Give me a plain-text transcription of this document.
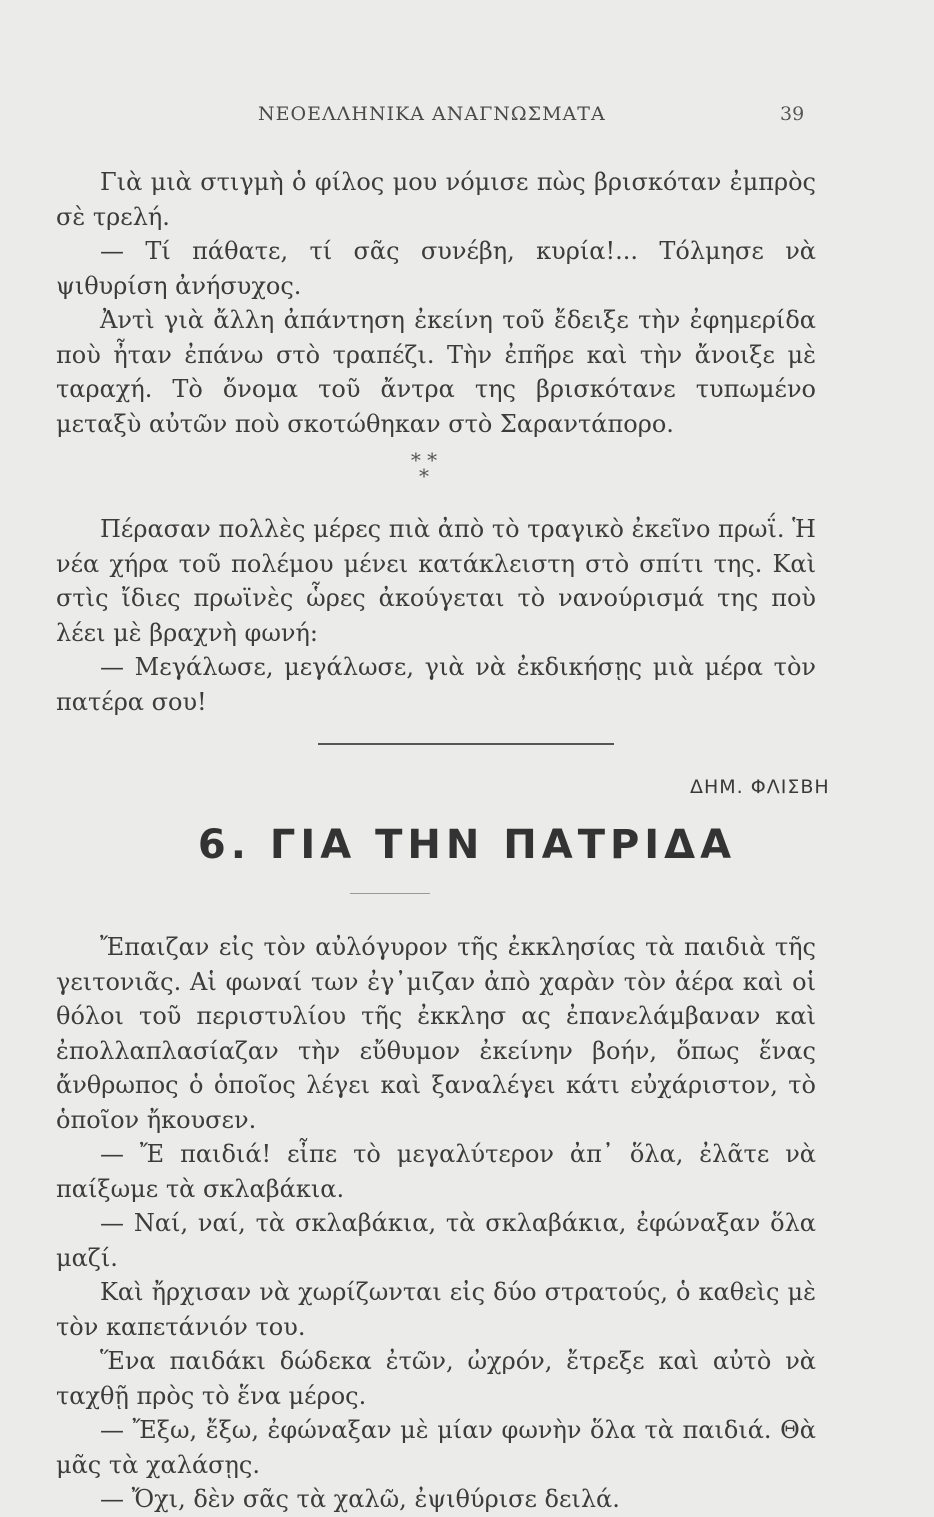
ΝΕΟΕΛΛΗΝΙΚΑ ΑΝΑΓΝΩΣΜΑΤΑ	39

Γιὰ μιὰ στιγμὴ ὁ φίλος μου νόμισε πὼς βρισκόταν ἐμπρὸς σὲ τρελή.

— Τί πάθατε, τί σᾶς συνέβη, κυρία!... Τόλμησε νὰ ψιθυρίση ἀνήσυχος.

Ἀντὶ γιὰ ἄλλη ἀπάντηση ἐκείνη τοῦ ἔδειξε τὴν ἐφημερίδα ποὺ ἦταν ἐπάνω στὸ τραπέζι. Τὴν ἐπῆρε καὶ τὴν ἄνοιξε μὲ ταραχή. Τὸ ὄνομα τοῦ ἄντρα της βρισκότανε τυπωμένο μεταξὺ αὐτῶν ποὺ σκοτώθηκαν στὸ Σαραντάπορο.

* *
*

Πέρασαν πολλὲς μέρες πιὰ ἀπὸ τὸ τραγικὸ ἐκεῖνο πρωΐ. Ἡ νέα χήρα τοῦ πολέμου μένει κατάκλειστη στὸ σπίτι της. Καὶ στὶς ἴδιες πρωϊνὲς ὧρες ἀκούγεται τὸ νανούρισμά της ποὺ λέει μὲ βραχνὴ φωνή:

— Μεγάλωσε, μεγάλωσε, γιὰ νὰ ἐκδικήσῃς μιὰ μέρα τὸν πατέρα σου!

ΔΗΜ. ΦΛΙΣΒΗ
6. ΓΙΑ ΤΗΝ ΠΑΤΡΙΔΑ

Ἔπαιζαν εἰς τὸν αὐλόγυρον τῆς ἐκκλησίας τὰ παιδιὰ τῆς γειτονιᾶς. Αἱ φωναί των ἐγ᾽μιζαν ἀπὸ χαρὰν τὸν ἀέρα καὶ οἱ θόλοι τοῦ περιστυλίου τῆς ἐκκλησ ας ἐπανελάμβαναν καὶ ἐπολλαπλασίαζαν τὴν εὔθυμον ἐκείνην βοήν, ὅπως ἕνας ἄνθρωπος ὁ ὁποῖος λέγει καὶ ξαναλέγει κάτι εὐχάριστον, τὸ ὁποῖον ἤκουσεν.

— Ἔ παιδιά! εἶπε τὸ μεγαλύτερον ἀπ᾽ ὅλα, ἐλᾶτε νὰ παίξωμε τὰ σκλαβάκια.

— Ναί, ναί, τὰ σκλαβάκια, τὰ σκλαβάκια, ἐφώναξαν ὅλα μαζί.

Καὶ ἤρχισαν νὰ χωρίζωνται εἰς δύο στρατούς, ὁ καθεὶς μὲ τὸν καπετάνιόν του.

Ἕνα παιδάκι δώδεκα ἐτῶν, ὠχρόν, ἔτρεξε καὶ αὐτὸ νὰ ταχθῇ πρὸς τὸ ἕνα μέρος.

— Ἔξω, ἔξω, ἐφώναξαν μὲ μίαν φωνὴν ὅλα τὰ παιδιά. Θὰ μᾶς τὰ χαλάσῃς.

— Ὄχι, δὲν σᾶς τὰ χαλῶ, ἐψιθύρισε δειλά.
